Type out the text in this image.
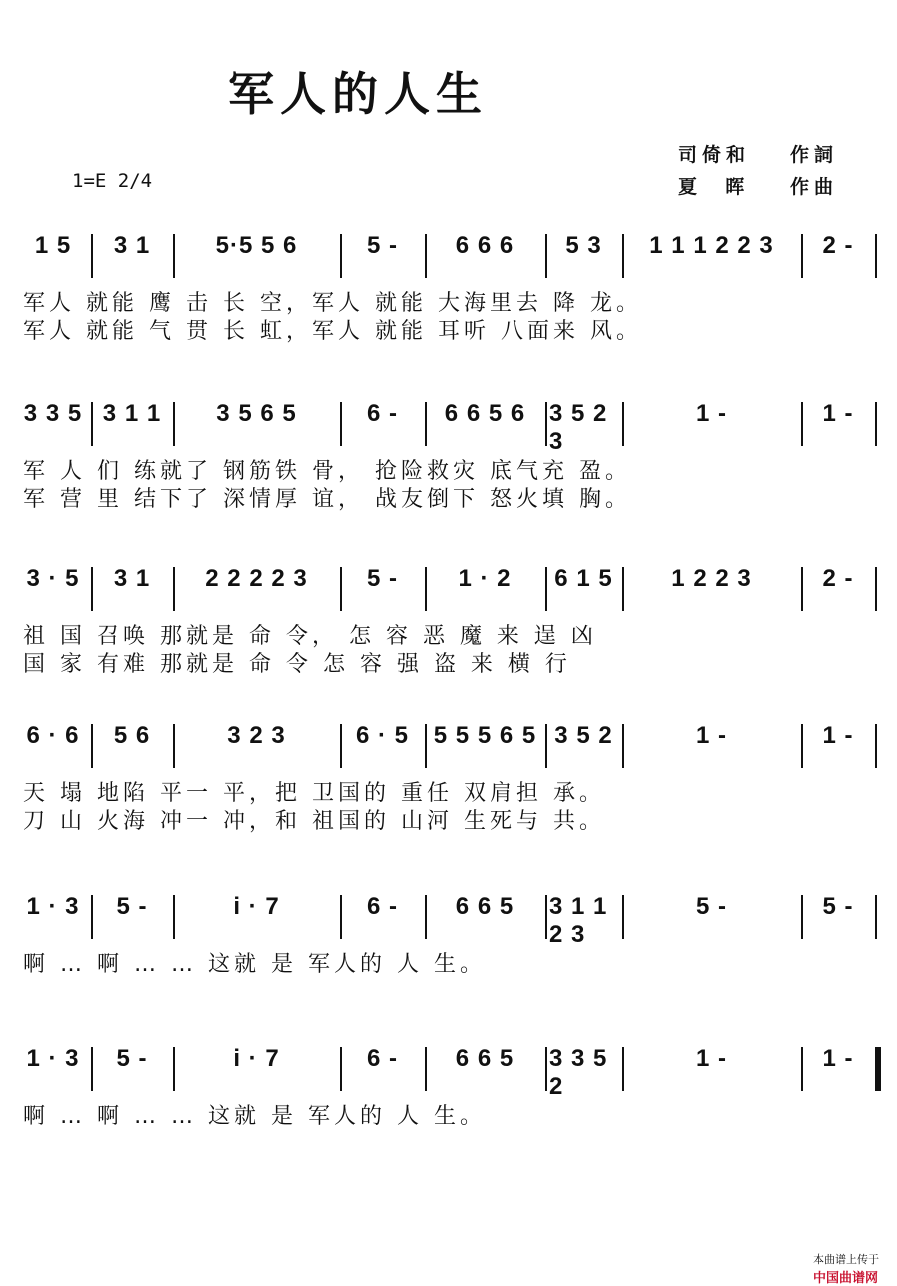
军人的人生
司倚和 作詞
夏  晖 作曲
1=E 2/4
1 5	3 1	5·5 5 6	5 -	6 6 6	5 3	1 1 1 2 2 3	2 -
军人 就能 鹰 击 长 空，军人 就能 大海里去 降 龙。
军人 就能 气 贯 长 虹，军人 就能 耳听 八面来 风。
3 3 5 3 1 1	3 5 6 5	6 -	6 6 5 6 3 5 2 3
1 -	1 -
军 人 们 练就了 钢筋铁 骨， 抢险救灾 底气充 盈。
军 营 里 结下了 深情厚 谊， 战友倒下 怒火填 胸。
3 · 5	3 1	2 2 2 2 3	5 -	1 · 2	6 1 5	1 2 2 3	2 -
祖 国 召唤 那就是 命 令， 怎 容 恶 魔 来 逞 凶
国 家 有难 那就是 命 令 怎 容 强 盗 来 横 行
6 · 6	5 6	3 2 3	6 · 5	5 5 5 6 5 3 5 2	1 -	1 -
天 塌 地陷 平一 平，把 卫国的 重任 双肩担 承。
刀 山 火海 冲一 冲，和 祖国的 山河 生死与 共。
1 · 3	5 -	i · 7	6 -	6 6 5	3 1 1 2 3
5 -	5 -
啊 … 啊 … … 这就 是 军人的 人 生。
1 · 3	5 -	i · 7	6 -	6 6 5	3 3 5 2
1 -	1 -
啊 … 啊 … … 这就 是 军人的 人 生。

本曲谱上传于
中国曲谱网
